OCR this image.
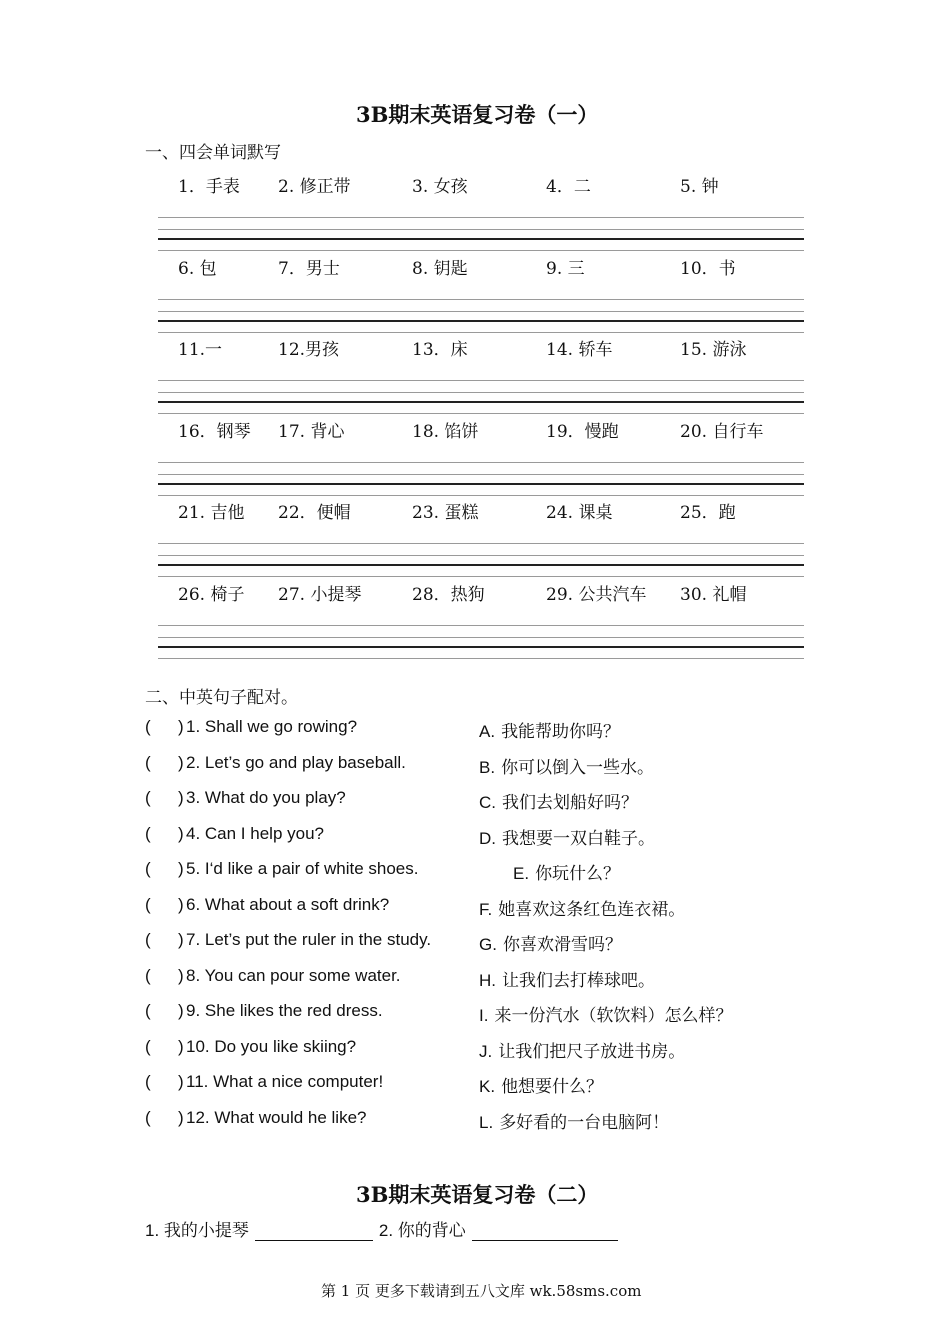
3B期末英语复习卷（一）
一、四会单词默写
1．手表 2. 修正带	3. 女孩	4．二	5. 钟
6. 包	7．男士	8. 钥匙	9. 三	10．书
11.一	12.男孩	13．床	14. 轿车	15. 游泳
16．钢琴 17. 背心	18. 馅饼	19．慢跑	20. 自行车
21. 吉他 22．便帽	23. 蛋糕	24. 课桌	25．跑
26. 椅子 27. 小提琴	28．热狗	29. 公共汽车 30. 礼帽
二、中英句子配对。
( ) 1. Shall we go rowing?	A. 我能帮助你吗？
( ) 2. Let’s go and play baseball.	B. 你可以倒入一些水。
( ) 3. What do you play?	C. 我们去划船好吗？
( ) 4. Can I help you?	D. 我想要一双白鞋子。
( ) 5. I‘d like a pair of white shoes.	E. 你玩什么？
( ) 6. What about a soft drink?	F. 她喜欢这条红色连衣裙。
( ) 7. Let’s put the ruler in the study.	G. 你喜欢滑雪吗？
( ) 8. You can pour some water.	H. 让我们去打棒球吧。
( ) 9. She likes the red dress.	I. 来一份汽水（软饮料）怎么样？
( ) 10. Do you like skiing?	J. 让我们把尺子放进书房。
( ) 11. What a nice computer!	K. 他想要什么？
( ) 12. What would he like?	L. 多好看的一台电脑阿！
3B期末英语复习卷（二）
1. 我的小提琴	2. 你的背心
第 1 页 更多下载请到五八文库 wk.58sms.com
